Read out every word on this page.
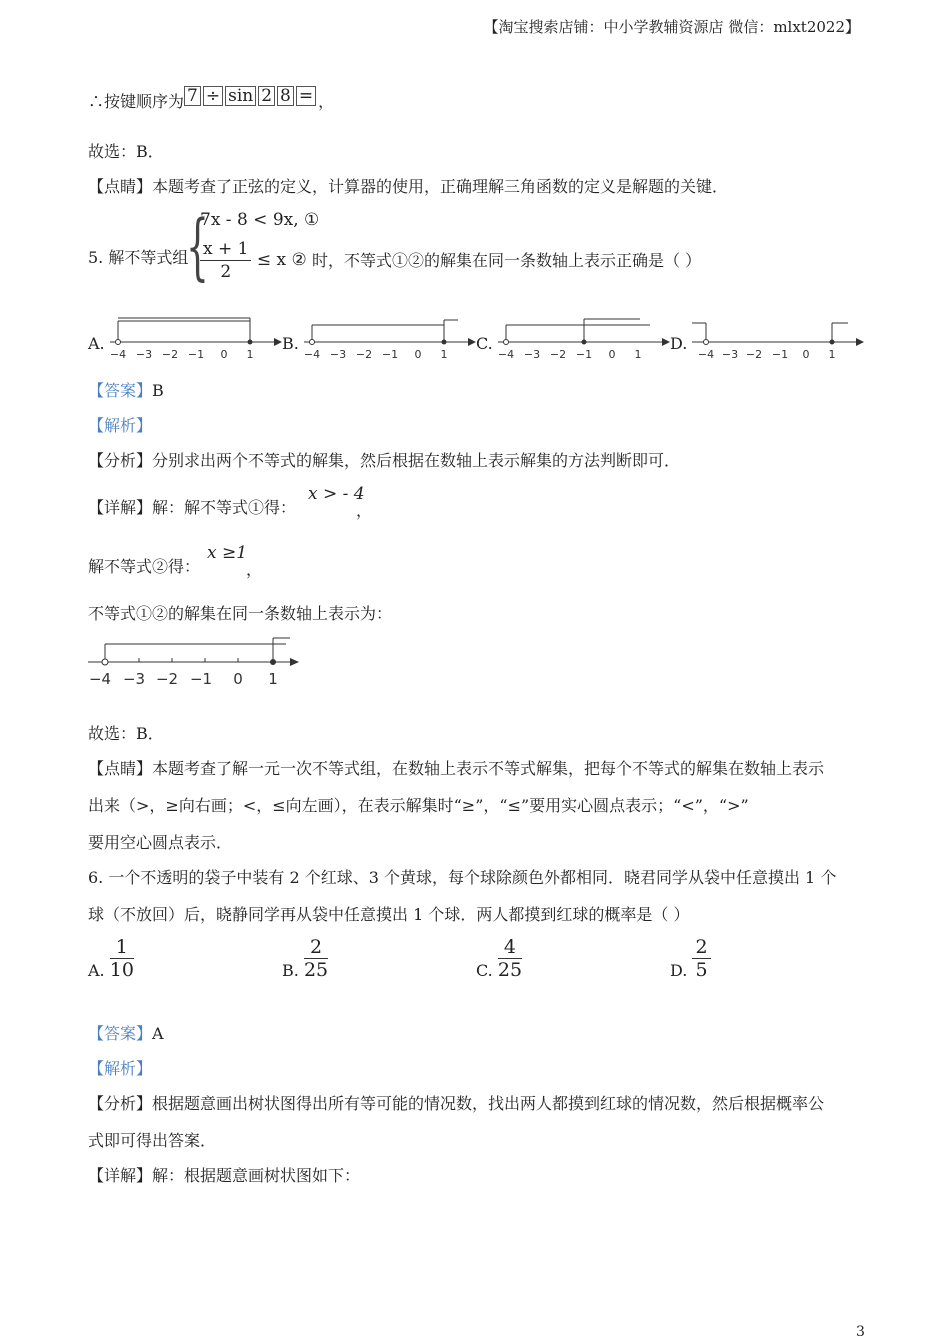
【淘宝搜索店铺：中小学教辅资源店 微信：mlxt2022】
∴按键顺序为 7 ÷ sin 2 8 = ，
故选：B．
【点睛】本题考查了正弦的定义，计算器的使用，正确理解三角函数的定义是解题的关键．
5. 解不等式组
{
7x - 8 < 9x, ①
$\frac{x + 1}{2} \le x$ ② 时，不等式①②的解集在同一条数轴上表示正确是（ ）
A.
−4 −3 −2 −1 0 1
B.
−4 −3 −2 −1 0 1
C.
−4 −3 −2 −1 0 1
D.
−4 −3 −2 −1 0 1
【答案】B
【解析】
【分析】分别求出两个不等式的解集，然后根据在数轴上表示解集的方法判断即可．
【详解】解：解不等式①得：
x > - 4
，
解不等式②得：
x ≥1
，
不等式①②的解集在同一条数轴上表示为：
−4 −3 −2 −1 0 1
故选：B．
【点睛】本题考查了解一元一次不等式组，在数轴上表示不等式解集，把每个不等式的解集在数轴上表示
出来（>，≥向右画；<，≤向左画），在表示解集时“≥”，“≤”要用实心圆点表示；“<”，“>”
要用空心圆点表示．
6. 一个不透明的袋子中装有 2 个红球、3 个黄球，每个球除颜色外都相同．晓君同学从袋中任意摸出 1 个
球（不放回）后，晓静同学再从袋中任意摸出 1 个球．两人都摸到红球的概率是（ ）
A. $\frac{1}{10}$	B. $\frac{2}{25}$	C. $\frac{4}{25}$	D. $\frac{2}{5}$
【答案】A
【解析】
【分析】根据题意画出树状图得出所有等可能的情况数，找出两人都摸到红球的情况数，然后根据概率公
式即可得出答案．
【详解】解：根据题意画树状图如下：
3
